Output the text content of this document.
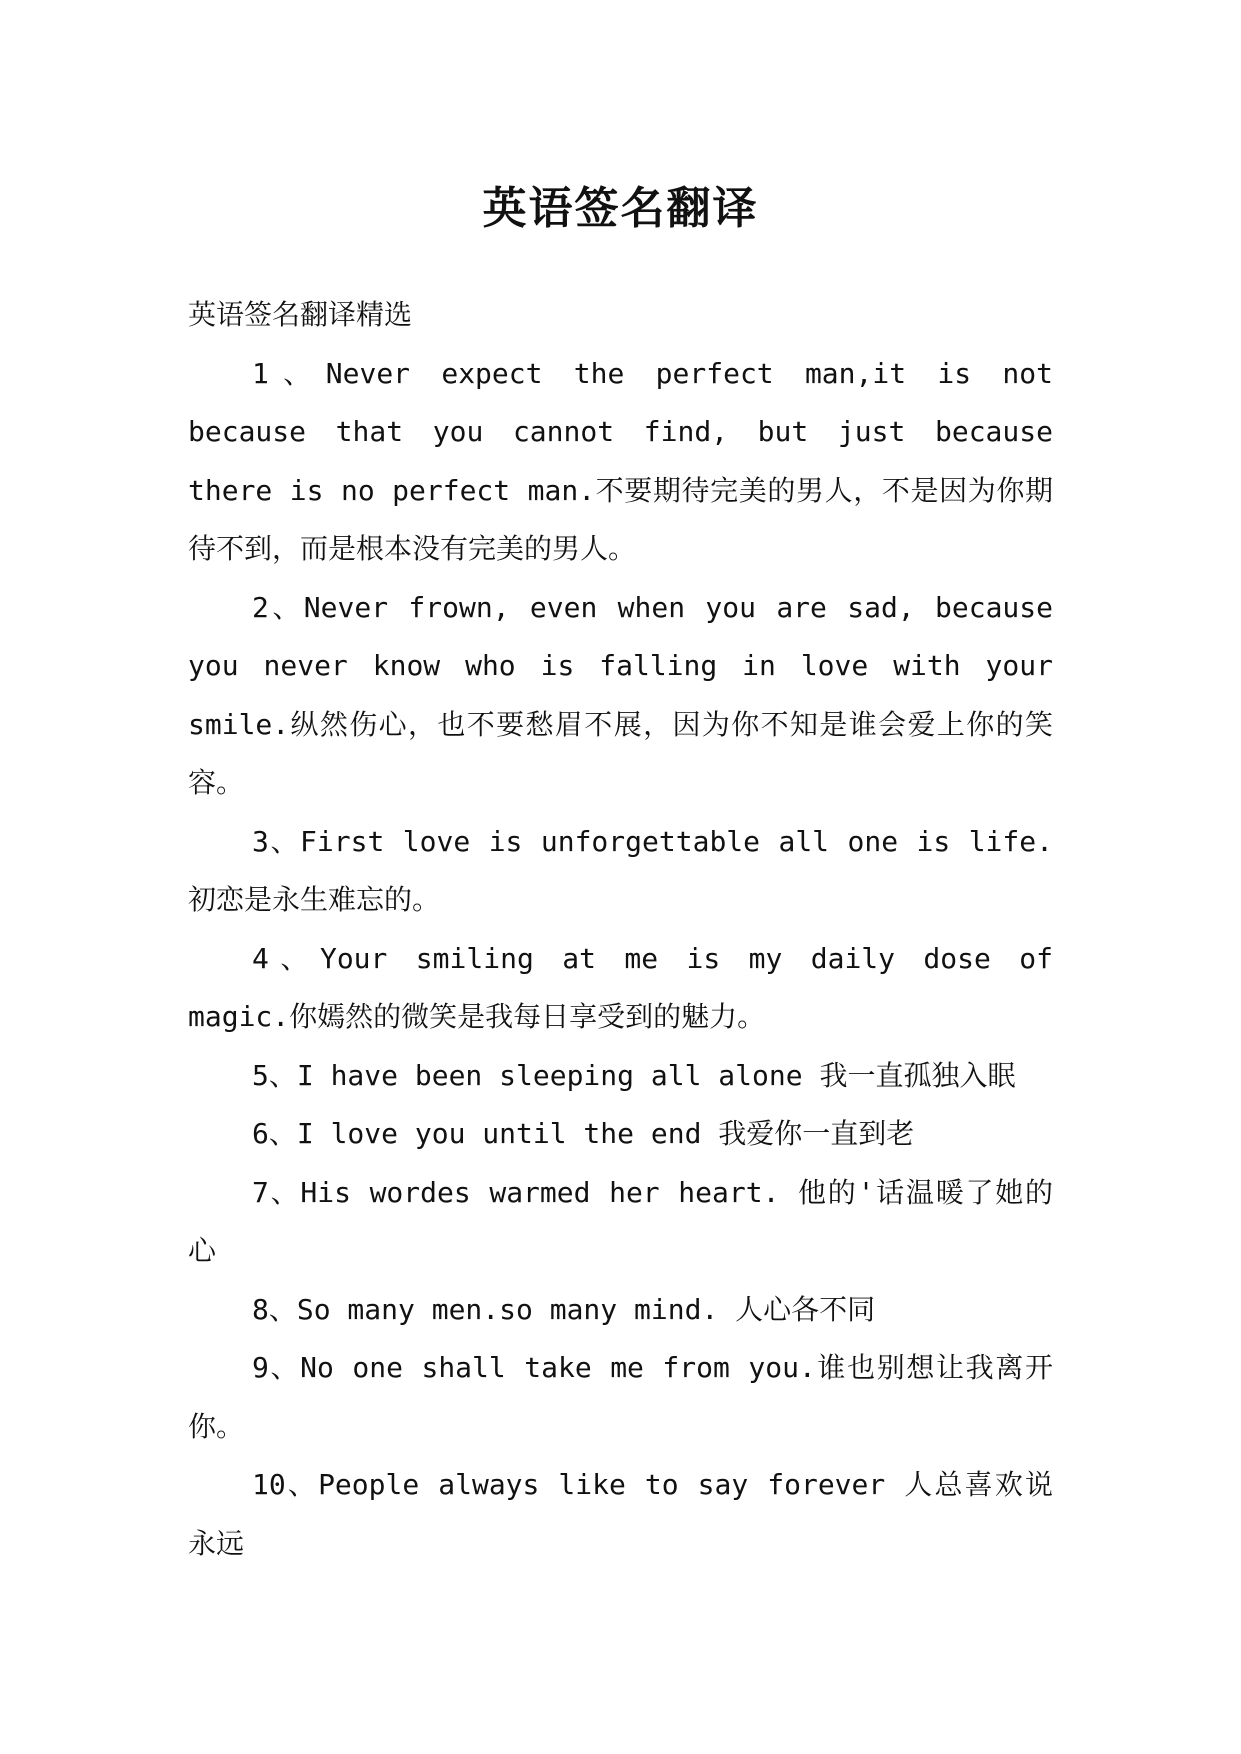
英语签名翻译

英语签名翻译精选

1、Never expect the perfect man,it is not because that you cannot find, but just because there is no perfect man.不要期待完美的男人，不是因为你期待不到，而是根本没有完美的男人。

2、Never frown, even when you are sad, because you never know who is falling in love with your smile.纵然伤心，也不要愁眉不展，因为你不知是谁会爱上你的笑容。

3、First love is unforgettable all one is life.初恋是永生难忘的。

4、Your smiling at me is my daily dose of magic.你嫣然的微笑是我每日享受到的魅力。

5、I have been sleeping all alone 我一直孤独入眠

6、I love you until the end 我爱你一直到老

7、His wordes warmed her heart. 他的'话温暖了她的心

8、So many men.so many mind. 人心各不同

9、No one shall take me from you.谁也别想让我离开你。

10、People always like to say forever 人总喜欢说永远
